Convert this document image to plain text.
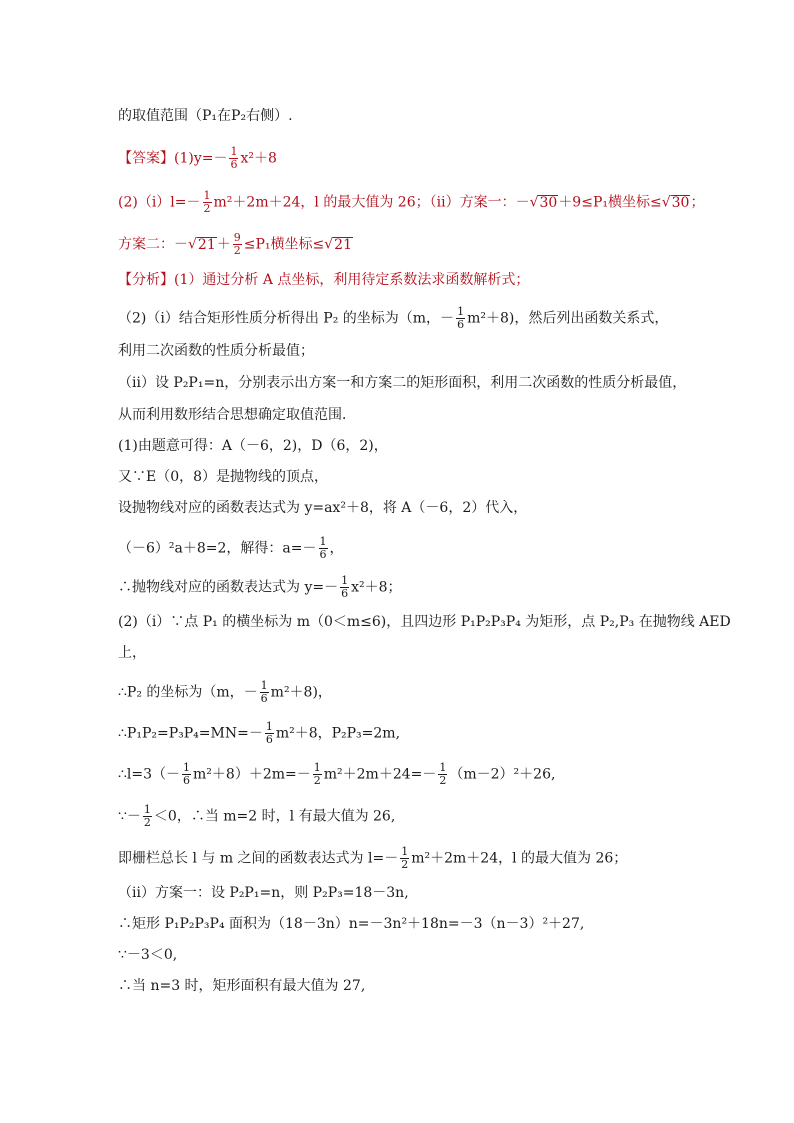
的取值范围（P₁在P₂右侧）.
【答案】$(1)y=- \frac{1}{6} x^2+8$
(2)（ⅰ）l=－ $\frac{1}{2} m^2+2m+24$，l 的最大值为 26；（ⅱ）方案一：－√30＋9≤P₁横坐标≤√30；
方案二：$-√21+ \frac{9}{2} \le P_1$横坐标≤√21
【分析】(1）通过分析 A 点坐标，利用待定系数法求函数解析式；
（2)（ⅰ）结合矩形性质分析得出 P₂ 的坐标为（m，－ $\frac{1}{6} m^2+8$)，然后列出函数关系式，
利用二次函数的性质分析最值；
（ⅱ）设 P₂P₁=n，分别表示出方案一和方案二的矩形面积，利用二次函数的性质分析最值，
从而利用数形结合思想确定取值范围．
(1)由题意可得：A（－6，2)，D（6，2)，
又∵E（0，8）是抛物线的顶点，
设抛物线对应的函数表达式为 y=ax²＋8，将 A（－6，2）代入，
（－6）²a＋8=2，解得：$a=- \frac{1}{6}$ ，
∴抛物线对应的函数表达式为 $y=- \frac{1}{6} x^2+8$；
(2)（ⅰ）∵点 P₁ 的横坐标为 m（0＜m≤6)，且四边形 P₁P₂P₃P₄ 为矩形，点 P₂,P₃ 在抛物线 AED
上，
∴P₂ 的坐标为（m，－ $\frac{1}{6} m^2+8$)，
∴P₁P₂=P₃P₄=MN=－ $\frac{1}{6} m^2+8$，P₂P₃=2m,
∴l=3（－ $\frac{1}{6} m^2+8)+2m=- \frac{1}{2} m^2+2m+24=- \frac{1}{2} (m-2)^2+26$,
∵－ $\frac{1}{2} <0$，∴当 m=2 时，l 有最大值为 26,
即栅栏总长 l 与 m 之间的函数表达式为 $l=- \frac{1}{2} m^2+2m+24$，l 的最大值为 26；
（ⅱ）方案一：设 P₂P₁=n，则 P₂P₃=18－3n,
∴矩形 P₁P₂P₃P₄ 面积为（18－3n）n=－3n²＋18n=－3（n－3）²＋27,
∵－3＜0,
∴当 n=3 时，矩形面积有最大值为 27,
